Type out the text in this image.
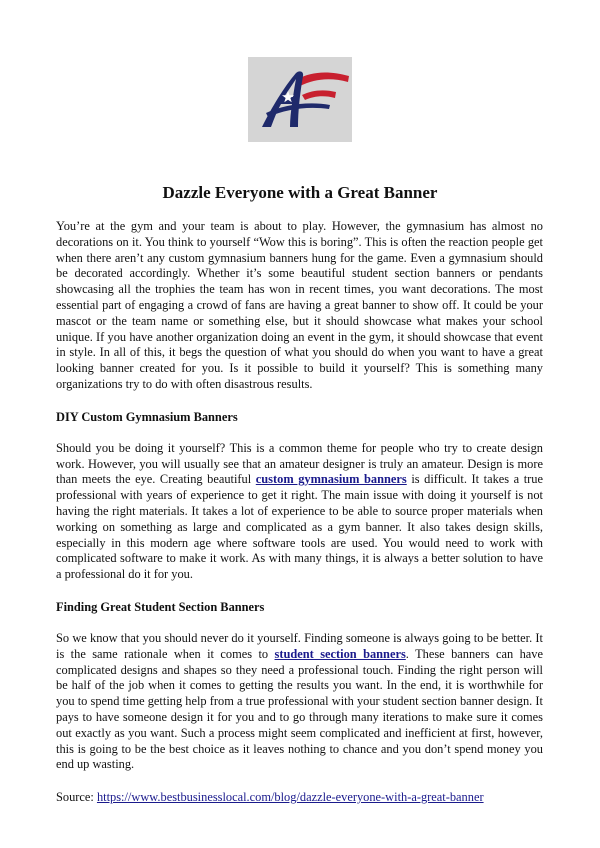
Dazzle Everyone with a Great Banner

You’re at the gym and your team is about to play. However, the gymnasium has almost no decorations on it. You think to yourself “Wow this is boring”. This is often the reaction people get when there aren’t any custom gymnasium banners hung for the game. Even a gymnasium should be decorated accordingly. Whether it’s some beautiful student section banners or pendants showcasing all the trophies the team has won in recent times, you want decorations. The most essential part of engaging a crowd of fans are having a great banner to show off. It could be your mascot or the team name or something else, but it should showcase what makes your school unique. If you have another organization doing an event in the gym, it should showcase that event in style. In all of this, it begs the question of what you should do when you want to have a great looking banner created for you. Is it possible to build it yourself? This is something many organizations try to do with often disastrous results.

DIY Custom Gymnasium Banners

Should you be doing it yourself? This is a common theme for people who try to create design work. However, you will usually see that an amateur designer is truly an amateur. Design is more than meets the eye. Creating beautiful custom gymnasium banners is difficult. It takes a true professional with years of experience to get it right. The main issue with doing it yourself is not having the right materials. It takes a lot of experience to be able to source proper materials when working on something as large and complicated as a gym banner. It also takes design skills, especially in this modern age where software tools are used. You would need to work with complicated software to make it work. As with many things, it is always a better solution to have a professional do it for you.

Finding Great Student Section Banners

So we know that you should never do it yourself. Finding someone is always going to be better. It is the same rationale when it comes to student section banners. These banners can have complicated designs and shapes so they need a professional touch. Finding the right person will be half of the job when it comes to getting the results you want. In the end, it is worthwhile for you to spend time getting help from a true professional with your student section banner design. It pays to have someone design it for you and to go through many iterations to make sure it comes out exactly as you want. Such a process might seem complicated and inefficient at first, however, this is going to be the best choice as it leaves nothing to chance and you don’t spend money you end up wasting.

Source: https://www.bestbusinesslocal.com/blog/dazzle-everyone-with-a-great-banner
